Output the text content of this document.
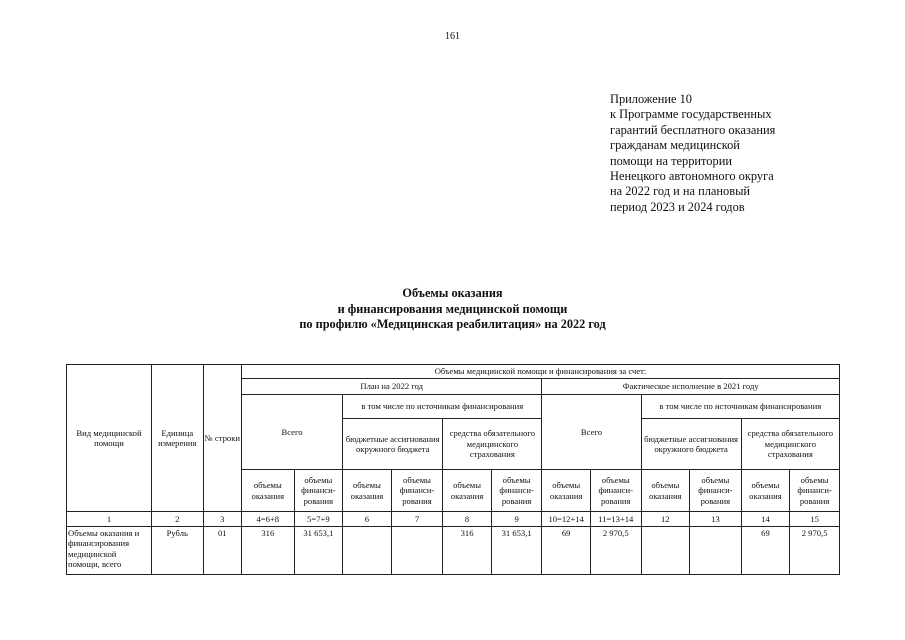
161
Приложение 10
к Программе государственных
гарантий бесплатного оказания
гражданам медицинской
помощи на территории
Ненецкого автономного округа
на 2022 год и на плановый
период 2023 и 2024 годов
Объемы оказания
и финансирования медицинской помощи
по профилю «Медицинская реабилитация» на 2022 год
Вид медицинской помощи	Единица измерения	№ строки	Объемы медицинской помощи и финансирования за счет:											
			План на 2022 год						Фактическое исполнение в 2021 году					
			Всего		в том числе по источникам финансирования				Всего		в том числе по источникам финансирования			
					бюджетные ассигнования окружного бюджета		средства обязательного медицинского страхования				бюджетные ассигнования окружного бюджета		средства обязательного медицинского страхования	
			объемы оказания	объемы финанси-рования	объемы оказания	объемы финанси-рования	объемы оказания	объемы финанси-рования	объемы оказания	объемы финанси-рования	объемы оказания	объемы финанси-рования	объемы оказания	объемы финанси-рования
1	2	3	4=6+8	5=7+9	6	7	8	9	10=12+14	11=13+14	12	13	14	15
Объемы оказания и финансирования медицинской помощи, всего	Рубль	01	316	31 653,1			316	31 653,1	69	2 970,5			69	2 970,5
